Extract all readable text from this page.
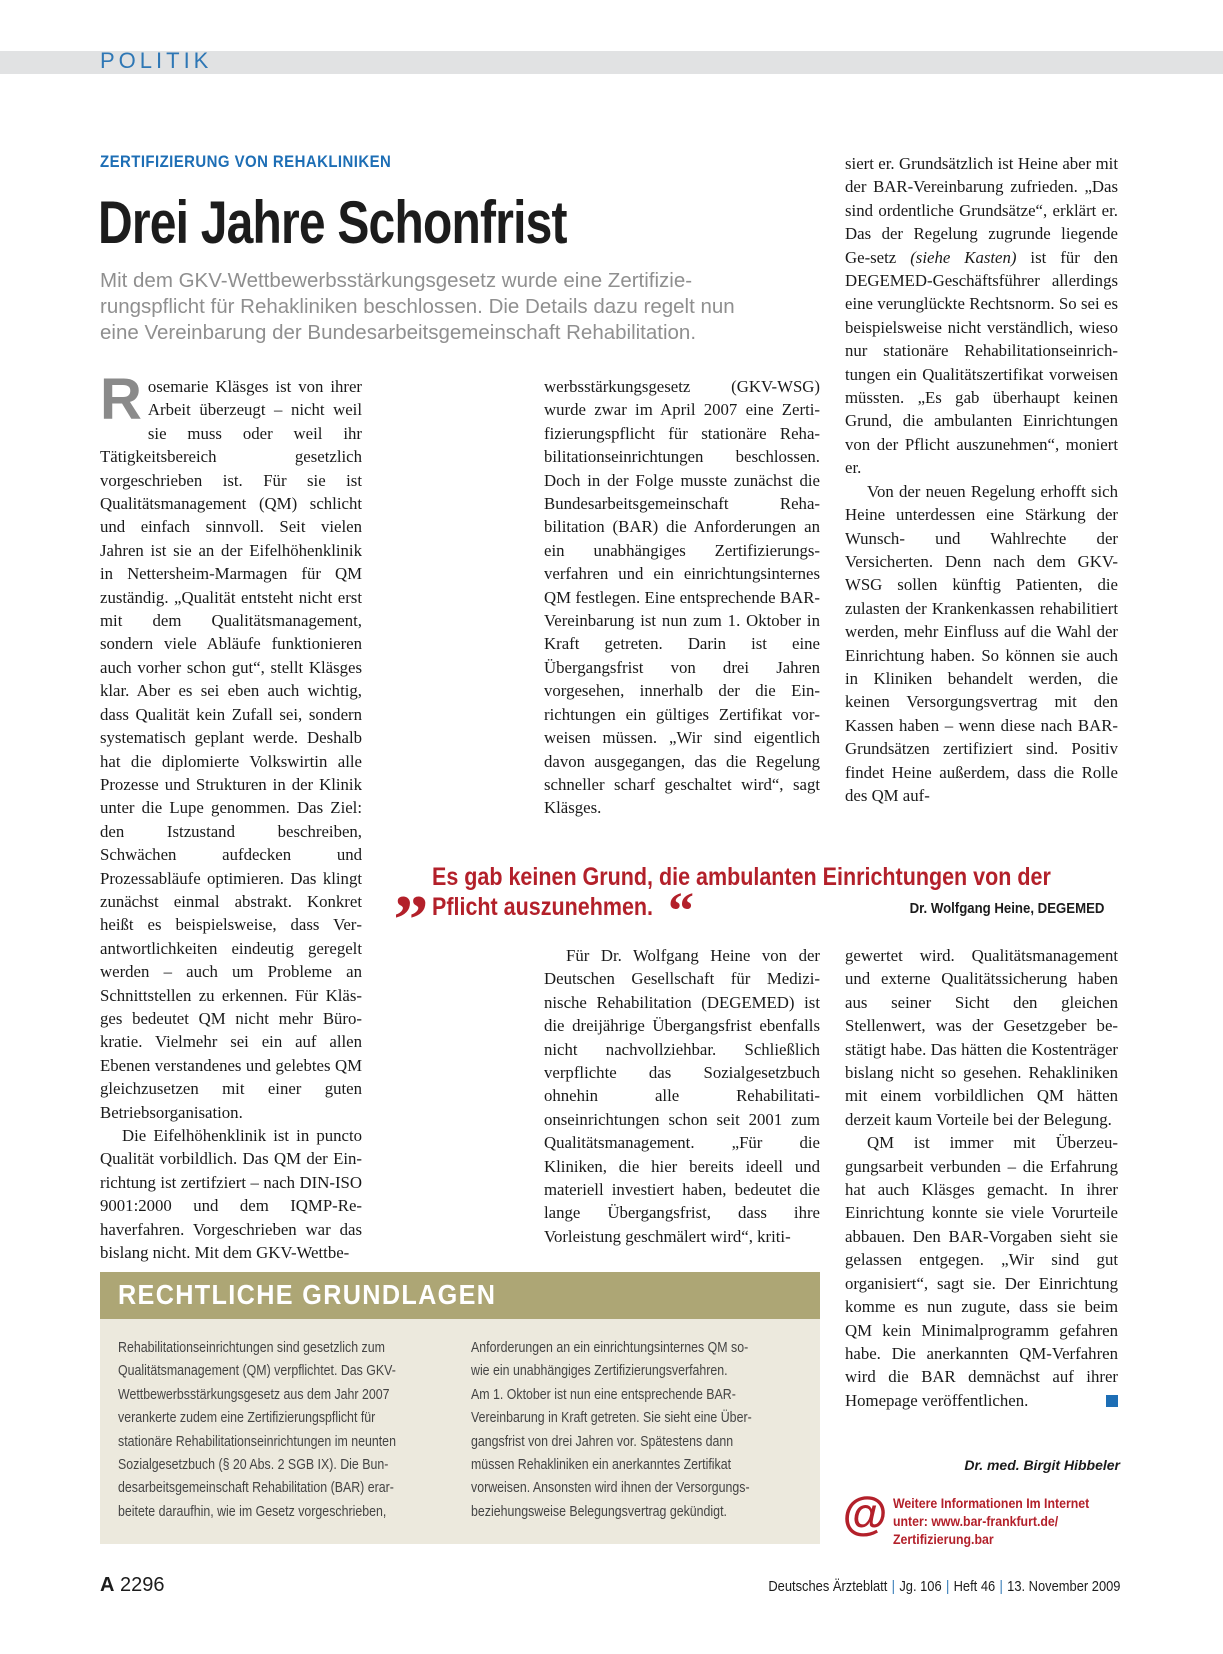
POLITIK
ZERTIFIZIERUNG VON REHAKLINIKEN
Drei Jahre Schonfrist
Mit dem GKV-Wettbewerbsstärkungsgesetz wurde eine Zertifizie-
rungspflicht für Rehakliniken beschlossen. Die Details dazu regelt nun
eine Vereinbarung der Bundesarbeitsgemeinschaft Rehabilitation.

Rosemarie Kläsges ist von ihrer Arbeit überzeugt – nicht weil sie muss oder weil ihr Tätigkeitsbereich gesetzlich vorgeschrieben ist. Für sie ist Qualitätsmanagement (QM) schlicht und einfach sinnvoll. Seit vielen Jahren ist sie an der Eifelhöhenklinik in Nettersheim-Marmagen für QM zuständig. „Qualität entsteht nicht erst mit dem Qualitätsmanagement, sondern viele Abläufe funktionieren auch vorher schon gut“, stellt Kläsges klar. Aber es sei eben auch wichtig, dass Qualität kein Zufall sei, sondern systematisch geplant werde. Deshalb hat die diplomierte Volkswirtin alle Prozesse und Strukturen in der Klinik unter die Lupe genommen. Das Ziel: den Istzustand beschreiben, Schwächen aufdecken und Prozessabläufe optimieren. Das klingt zunächst einmal abstrakt. Konkret heißt es beispielsweise, dass Verantwortlichkeiten eindeutig geregelt werden – auch um Probleme an Schnittstellen zu erkennen. Für Kläsges bedeutet QM nicht mehr Bürokratie. Vielmehr sei ein auf allen Ebenen verstandenes und gelebtes QM gleichzusetzen mit einer guten Betriebsorganisation.

Die Eifelhöhenklinik ist in puncto Qualität vorbildlich. Das QM der Einrichtung ist zertifziert – nach DIN-ISO 9001:2000 und dem IQMP-Rehaverfahren. Vorgeschrieben war das bislang nicht. Mit dem GKV-Wettbe-

werbsstärkungsgesetz (GKV-WSG) wurde zwar im April 2007 eine Zertifizierungspflicht für stationäre Rehabilitationseinrichtungen beschlossen. Doch in der Folge musste zunächst die Bundesarbeitsgemeinschaft Rehabilitation (BAR) die Anforderungen an ein unabhängiges Zertifizierungsverfahren und ein einrichtungsinternes QM festlegen. Eine entsprechende BAR-Vereinbarung ist nun zum 1. Oktober in Kraft getreten. Darin ist eine Übergangsfrist von drei Jahren vorgesehen, innerhalb der die Einrichtungen ein gültiges Zertifikat vorweisen müssen. „Wir sind eigentlich davon ausgegangen, das die Regelung schneller scharf geschaltet wird“, sagt Kläsges.

siert er. Grundsätzlich ist Heine aber mit der BAR-Vereinbarung zufrieden. „Das sind ordentliche Grundsätze“, erklärt er. Das der Regelung zugrunde liegende Ge-setz (siehe Kasten) ist für den DEGEMED-Geschäftsführer allerdings eine verunglückte Rechtsnorm. So sei es beispielsweise nicht verständlich, wieso nur stationäre Rehabilitationseinrichtungen ein Qualitätszertifikat vorweisen müssten. „Es gab überhaupt keinen Grund, die ambulanten Einrichtungen von der Pflicht auszunehmen“, moniert er.

Von der neuen Regelung erhofft sich Heine unterdessen eine Stärkung der Wunsch- und Wahlrechte der Versicherten. Denn nach dem GKV-WSG sollen künftig Patienten, die zulasten der Krankenkassen rehabilitiert werden, mehr Einfluss auf die Wahl der Einrichtung haben. So können sie auch in Kliniken behandelt werden, die keinen Versorgungsvertrag mit den Kassen haben – wenn diese nach BAR-Grundsätzen zertifiziert sind. Positiv findet Heine außerdem, dass die Rolle des QM auf-

„ Es gab keinen Grund, die ambulanten Einrichtungen von der
Pflicht auszunehmen. “	Dr. Wolfgang Heine, DEGEMED

Für Dr. Wolfgang Heine von der Deutschen Gesellschaft für Medizinische Rehabilitation (DEGEMED) ist die dreijährige Übergangsfrist ebenfalls nicht nachvollziehbar. Schließlich verpflichte das Sozialgesetzbuch ohnehin alle Rehabilitationseinrichtungen schon seit 2001 zum Qualitätsmanagement. „Für die Kliniken, die hier bereits ideell und materiell investiert haben, bedeutet die lange Übergangsfrist, dass ihre Vorleistung geschmälert wird“, kriti-

gewertet wird. Qualitätsmanagement und externe Qualitätssicherung haben aus seiner Sicht den gleichen Stellenwert, was der Gesetzgeber bestätigt habe. Das hätten die Kostenträger bislang nicht so gesehen. Rehakliniken mit einem vorbildlichen QM hätten derzeit kaum Vorteile bei der Belegung.

QM ist immer mit Überzeugungsarbeit verbunden – die Erfahrung hat auch Kläsges gemacht. In ihrer Einrichtung konnte sie viele Vorurteile abbauen. Den BAR-Vorgaben sieht sie gelassen entgegen. „Wir sind gut organisiert“, sagt sie. Der Einrichtung komme es nun zugute, dass sie beim QM kein Minimalprogramm gefahren habe. Die anerkannten QM-Verfahren wird die BAR demnächst auf ihrer Homepage veröffentlichen.

Dr. med. Birgit Hibbeler
RECHTLICHE GRUNDLAGEN
Rehabilitationseinrichtungen sind gesetzlich zum
Qualitätsmanagement (QM) verpflichtet. Das GKV-
Wettbewerbsstärkungsgesetz aus dem Jahr 2007
verankerte zudem eine Zertifizierungspflicht für
stationäre Rehabilitationseinrichtungen im neunten
Sozialgesetzbuch (§ 20 Abs. 2 SGB IX). Die Bun-
desarbeitsgemeinschaft Rehabilitation (BAR) erar-
beitete daraufhin, wie im Gesetz vorgeschrieben,
Anforderungen an ein einrichtungsinternes QM so-
wie ein unabhängiges Zertifizierungsverfahren.
Am 1. Oktober ist nun eine entsprechende BAR-
Vereinbarung in Kraft getreten. Sie sieht eine Über-
gangsfrist von drei Jahren vor. Spätestens dann
müssen Rehakliniken ein anerkanntes Zertifikat
vorweisen. Ansonsten wird ihnen der Versorgungs-
beziehungsweise Belegungsvertrag gekündigt.	@ Weitere Informationen Im Internet
unter: www.bar-frankfurt.de/
Zertifizierung.bar
A 2296	Deutsches Ärzteblatt | Jg. 106 | Heft 46 | 13. November 2009
